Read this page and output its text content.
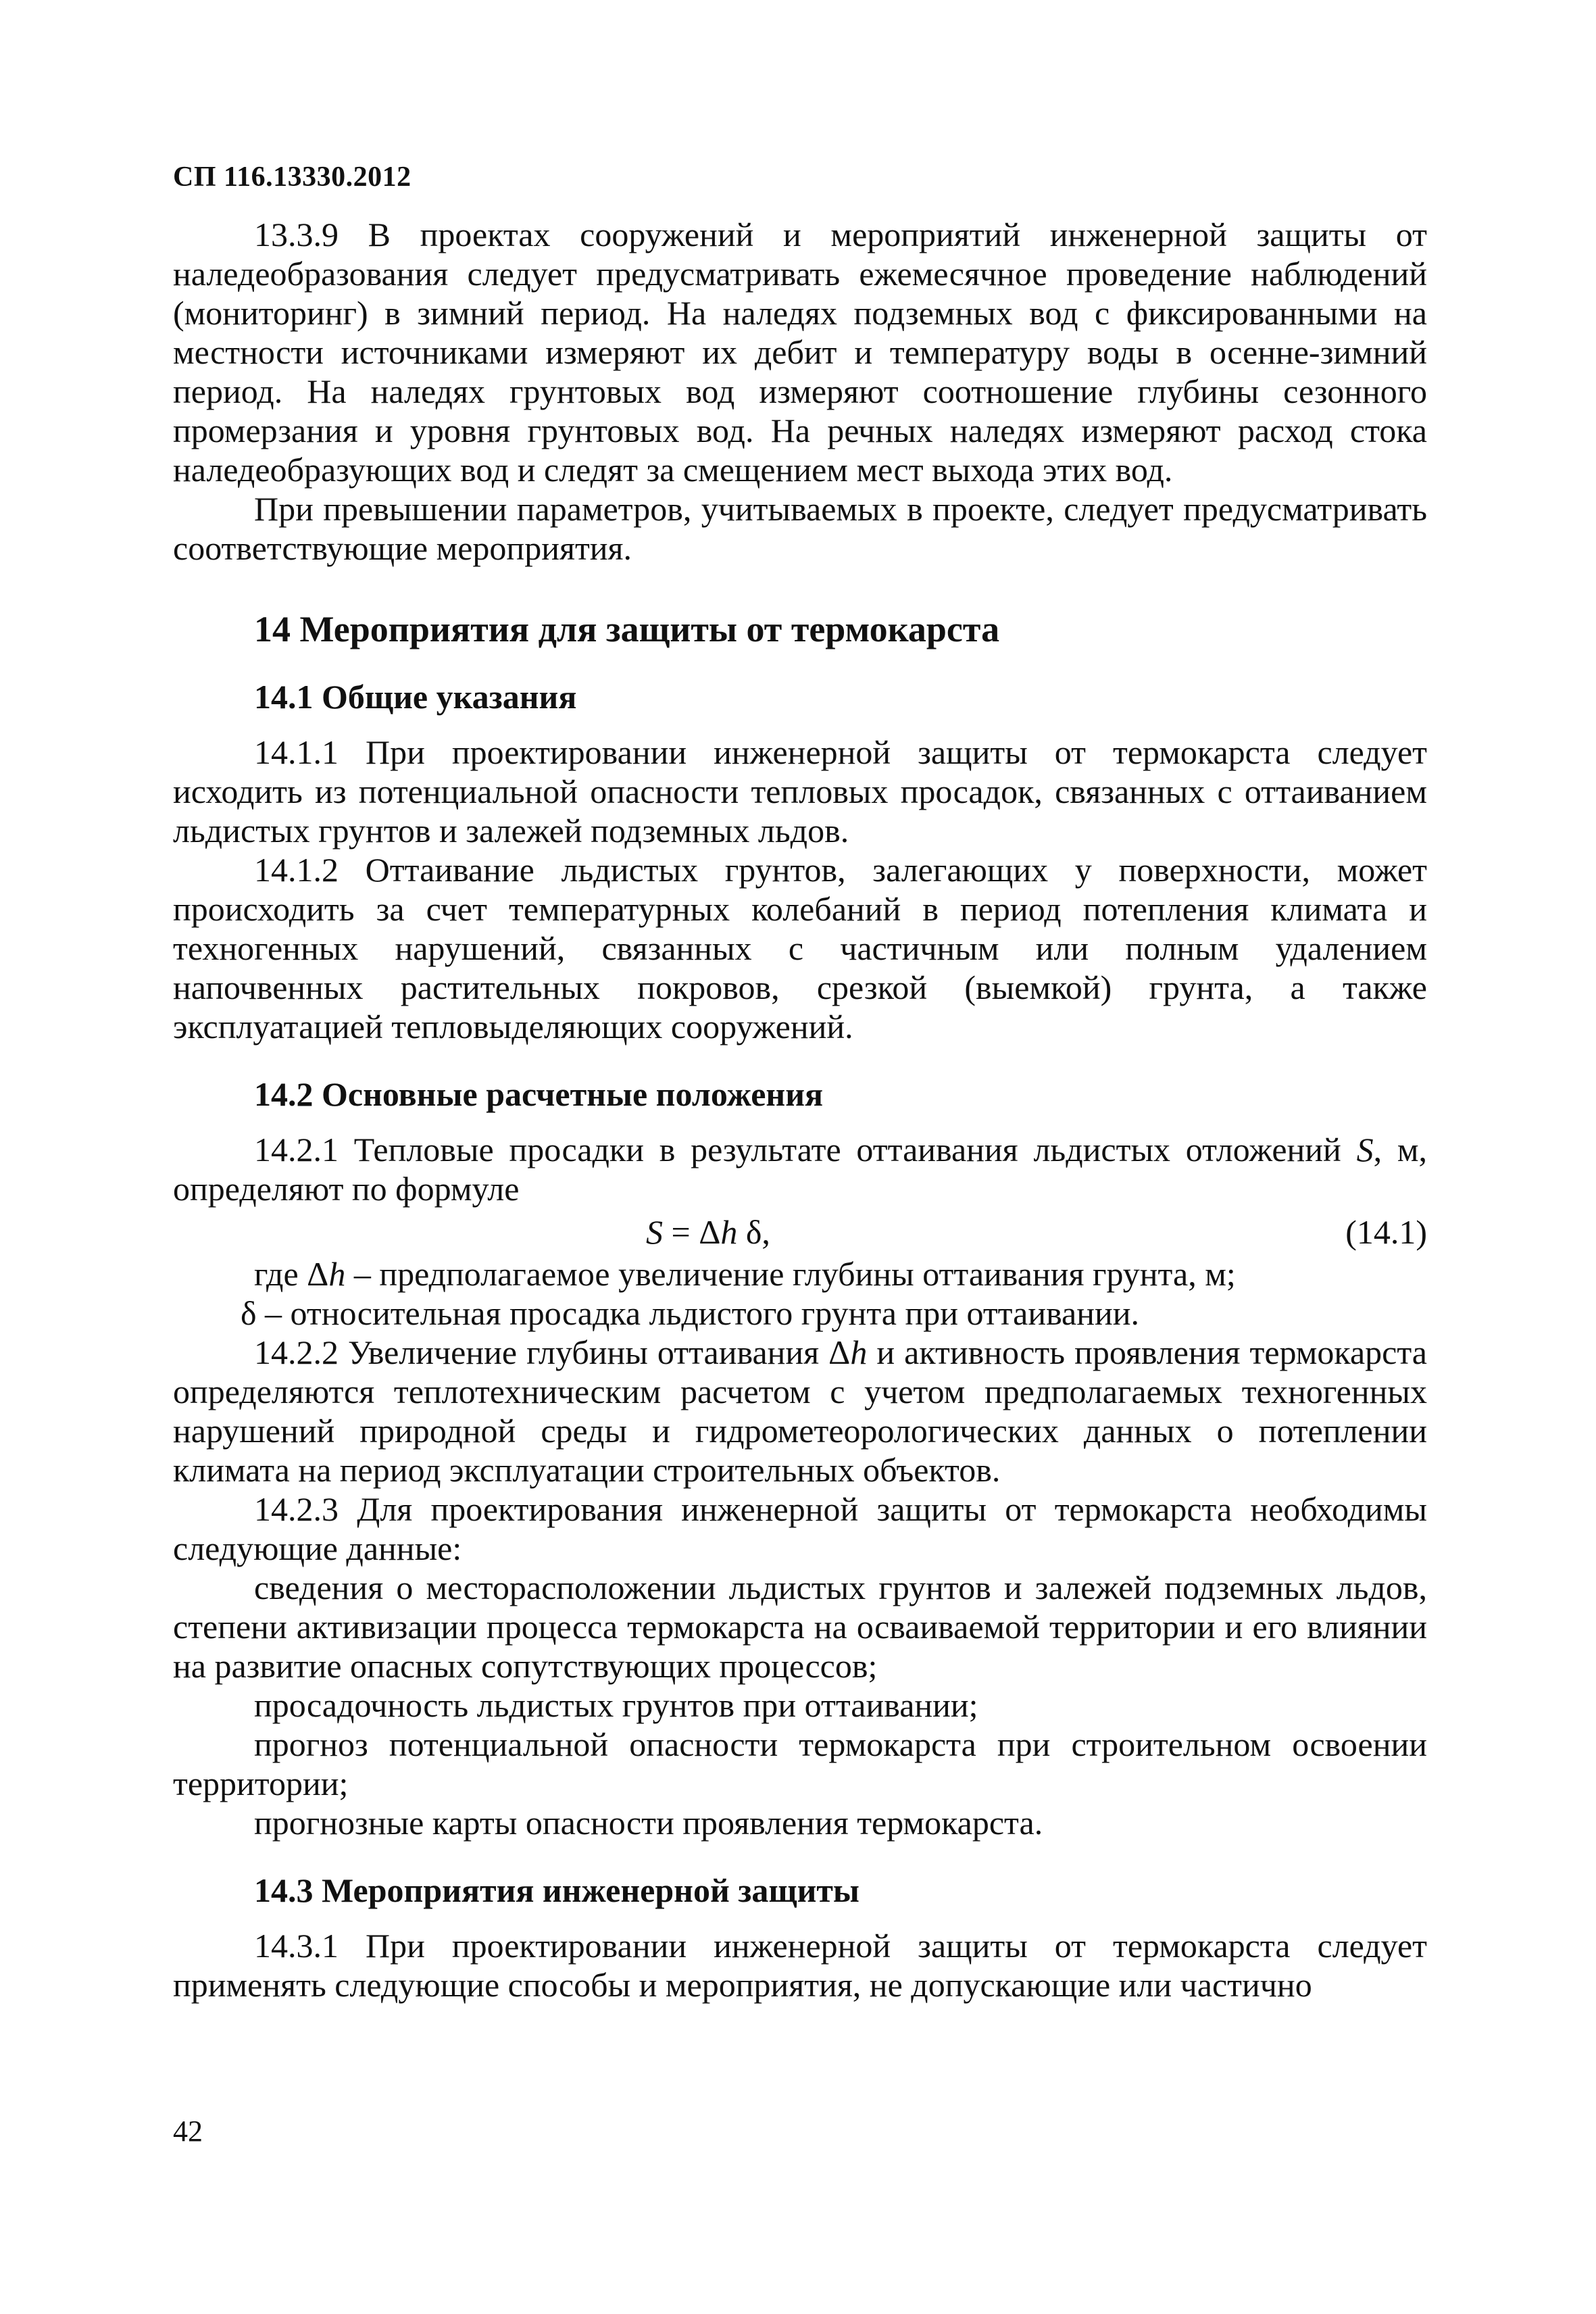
СП 116.13330.2012

13.3.9 В проектах сооружений и мероприятий инженерной защиты от наледеобразования следует предусматривать ежемесячное проведение наблюдений (мониторинг) в зимний период. На наледях подземных вод с фиксированными на местности источниками измеряют их дебит и температуру воды в осенне-зимний период. На наледях грунтовых вод измеряют соотношение глубины сезонного промерзания и уровня грунтовых вод. На речных наледях измеряют расход стока наледеобразующих вод и следят за смещением мест выхода этих вод.

При превышении параметров, учитываемых в проекте, следует предусматривать соответствующие мероприятия.

14 Мероприятия для защиты от термокарста
14.1 Общие указания

14.1.1 При проектировании инженерной защиты от термокарста следует исходить из потенциальной опасности тепловых просадок, связанных с оттаиванием льдистых грунтов и залежей подземных льдов.

14.1.2 Оттаивание льдистых грунтов, залегающих у поверхности, может происходить за счет температурных колебаний в период потепления климата и техногенных нарушений, связанных с частичным или полным удалением напочвенных растительных покровов, срезкой (выемкой) грунта, а также эксплуатацией тепловыделяющих сооружений.

14.2 Основные расчетные положения

14.2.1 Тепловые просадки в результате оттаивания льдистых отложений S, м, определяют по формуле

S = Δh δ,	(14.1)

где Δh – предполагаемое увеличение глубины оттаивания грунта, м;

δ – относительная просадка льдистого грунта при оттаивании.

14.2.2 Увеличение глубины оттаивания Δh и активность проявления термокарста определяются теплотехническим расчетом с учетом предполагаемых техногенных нарушений природной среды и гидрометеорологических данных о потеплении климата на период эксплуатации строительных объектов.

14.2.3 Для проектирования инженерной защиты от термокарста необходимы следующие данные:

сведения о месторасположении льдистых грунтов и залежей подземных льдов, степени активизации процесса термокарста на осваиваемой территории и его влиянии на развитие опасных сопутствующих процессов;

просадочность льдистых грунтов при оттаивании;

прогноз потенциальной опасности термокарста при строительном освоении территории;

прогнозные карты опасности проявления термокарста.

14.3 Мероприятия инженерной защиты

14.3.1 При проектировании инженерной защиты от термокарста следует применять следующие способы и мероприятия, не допускающие или частично

42
